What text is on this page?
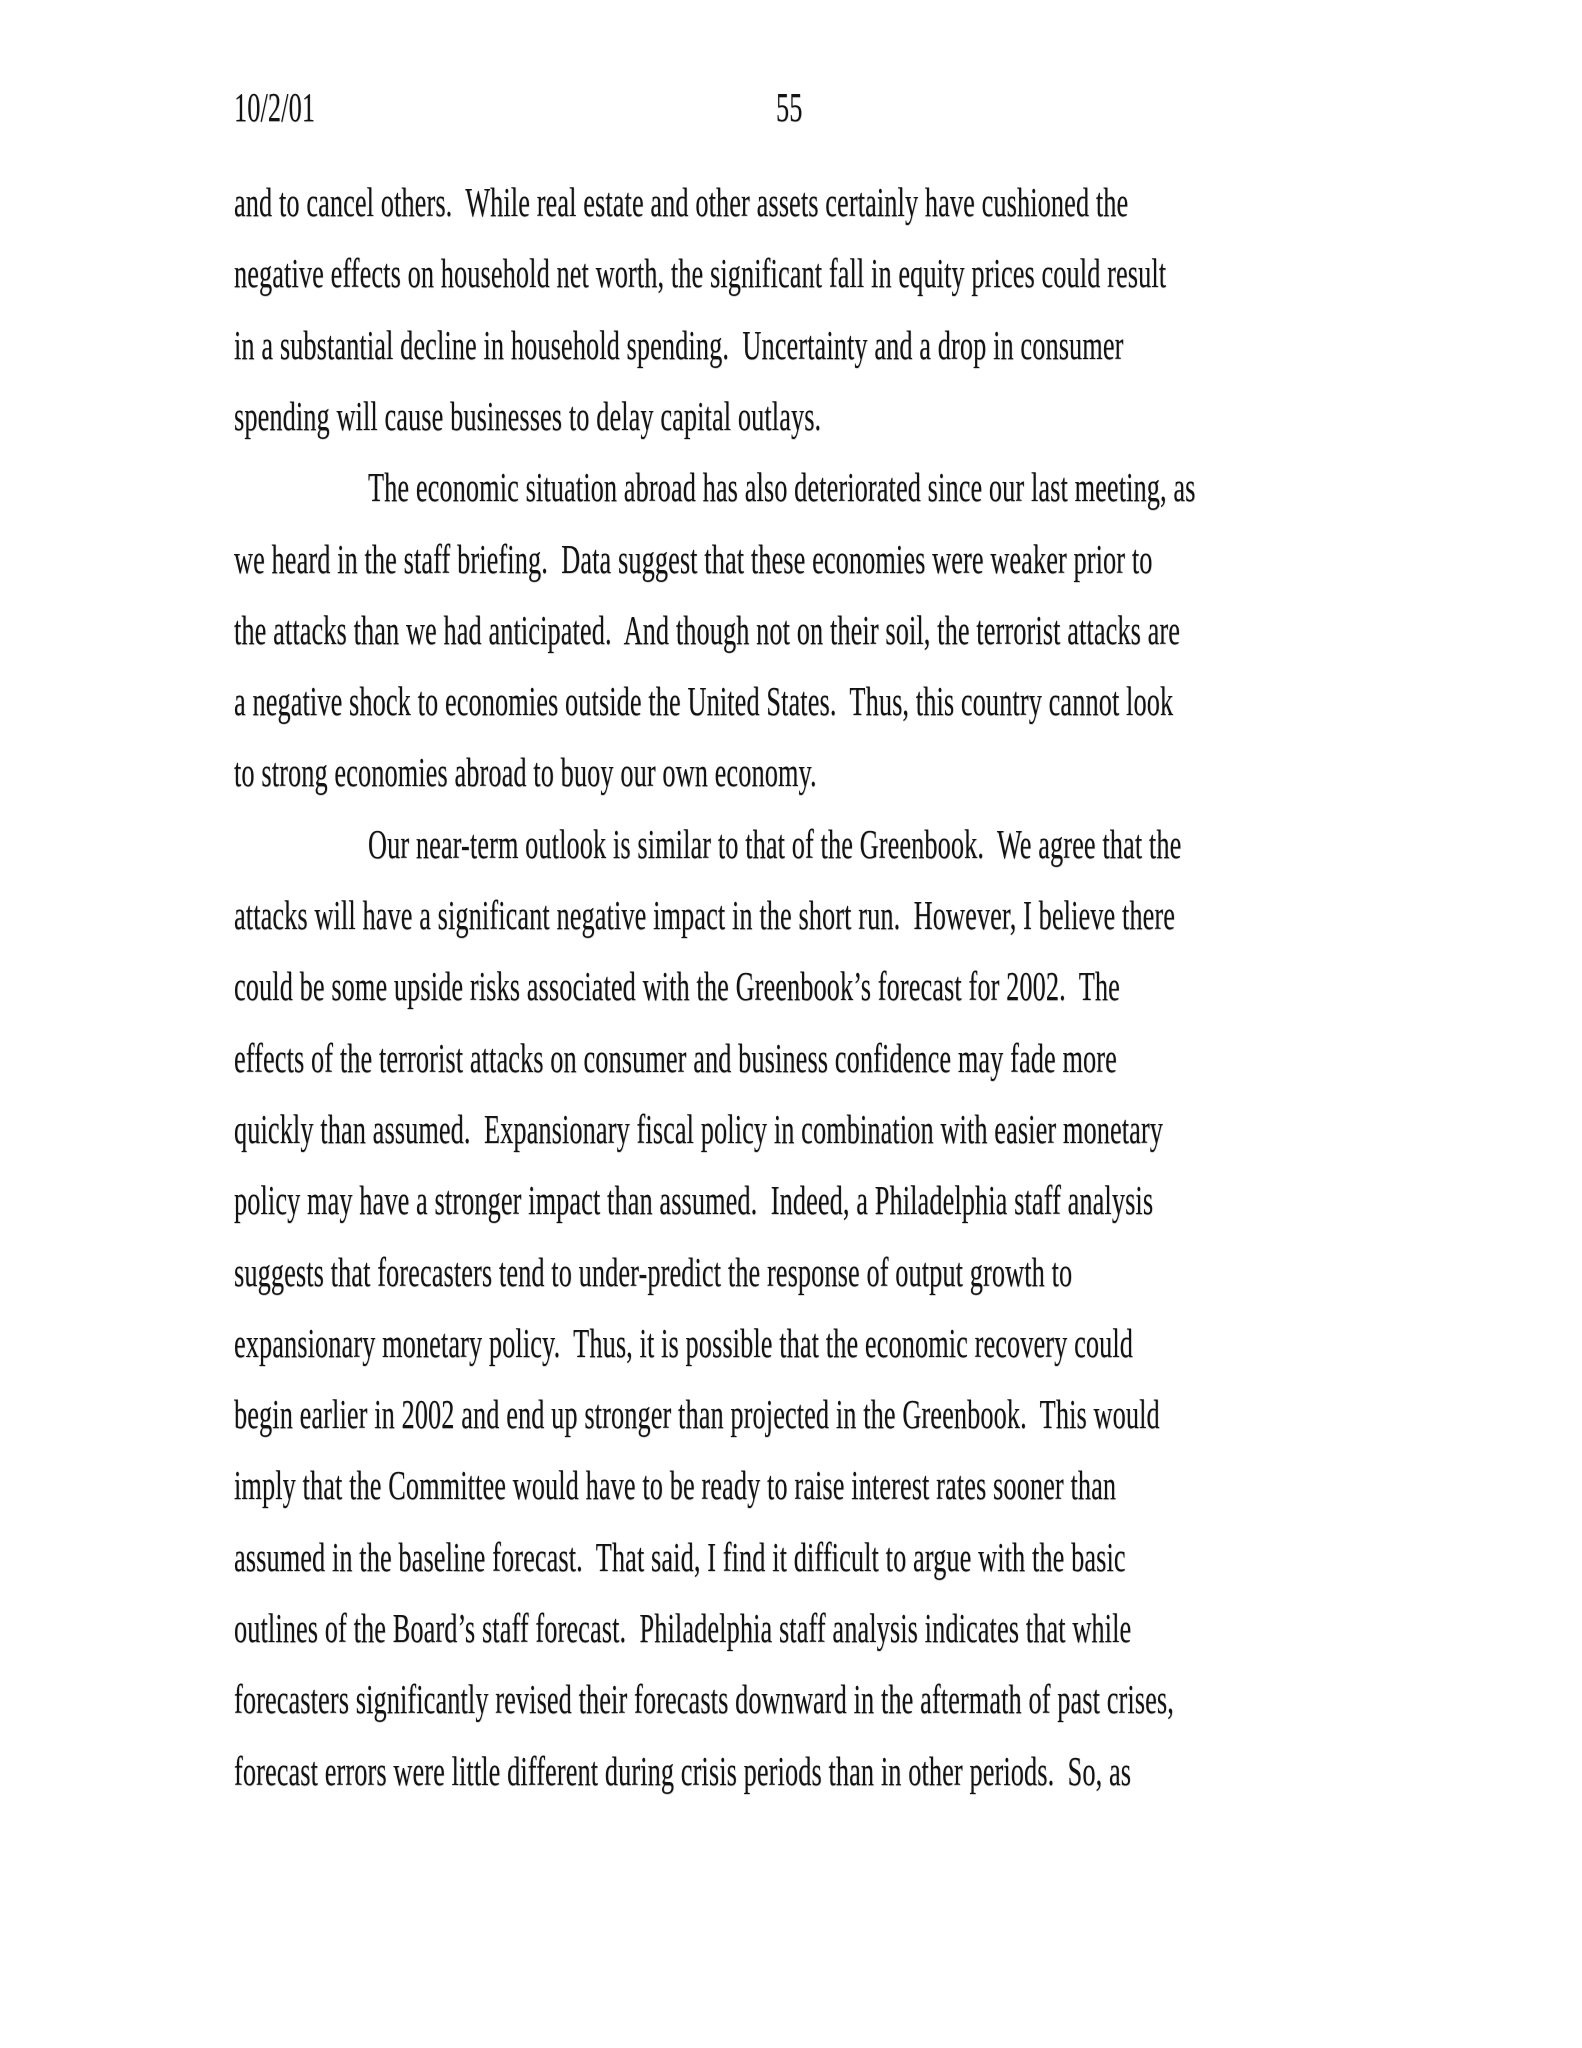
10/2/01	55
and to cancel others.  While real estate and other assets certainly have cushioned the
negative effects on household net worth, the significant fall in equity prices could result
in a substantial decline in household spending.  Uncertainty and a drop in consumer
spending will cause businesses to delay capital outlays.
The economic situation abroad has also deteriorated since our last meeting, as
we heard in the staff briefing.  Data suggest that these economies were weaker prior to
the attacks than we had anticipated.  And though not on their soil, the terrorist attacks are
a negative shock to economies outside the United States.  Thus, this country cannot look
to strong economies abroad to buoy our own economy.
Our near-term outlook is similar to that of the Greenbook.  We agree that the
attacks will have a significant negative impact in the short run.  However, I believe there
could be some upside risks associated with the Greenbook’s forecast for 2002.  The
effects of the terrorist attacks on consumer and business confidence may fade more
quickly than assumed.  Expansionary fiscal policy in combination with easier monetary
policy may have a stronger impact than assumed.  Indeed, a Philadelphia staff analysis
suggests that forecasters tend to under-predict the response of output growth to
expansionary monetary policy.  Thus, it is possible that the economic recovery could
begin earlier in 2002 and end up stronger than projected in the Greenbook.  This would
imply that the Committee would have to be ready to raise interest rates sooner than
assumed in the baseline forecast.  That said, I find it difficult to argue with the basic
outlines of the Board’s staff forecast.  Philadelphia staff analysis indicates that while
forecasters significantly revised their forecasts downward in the aftermath of past crises,
forecast errors were little different during crisis periods than in other periods.  So, as
